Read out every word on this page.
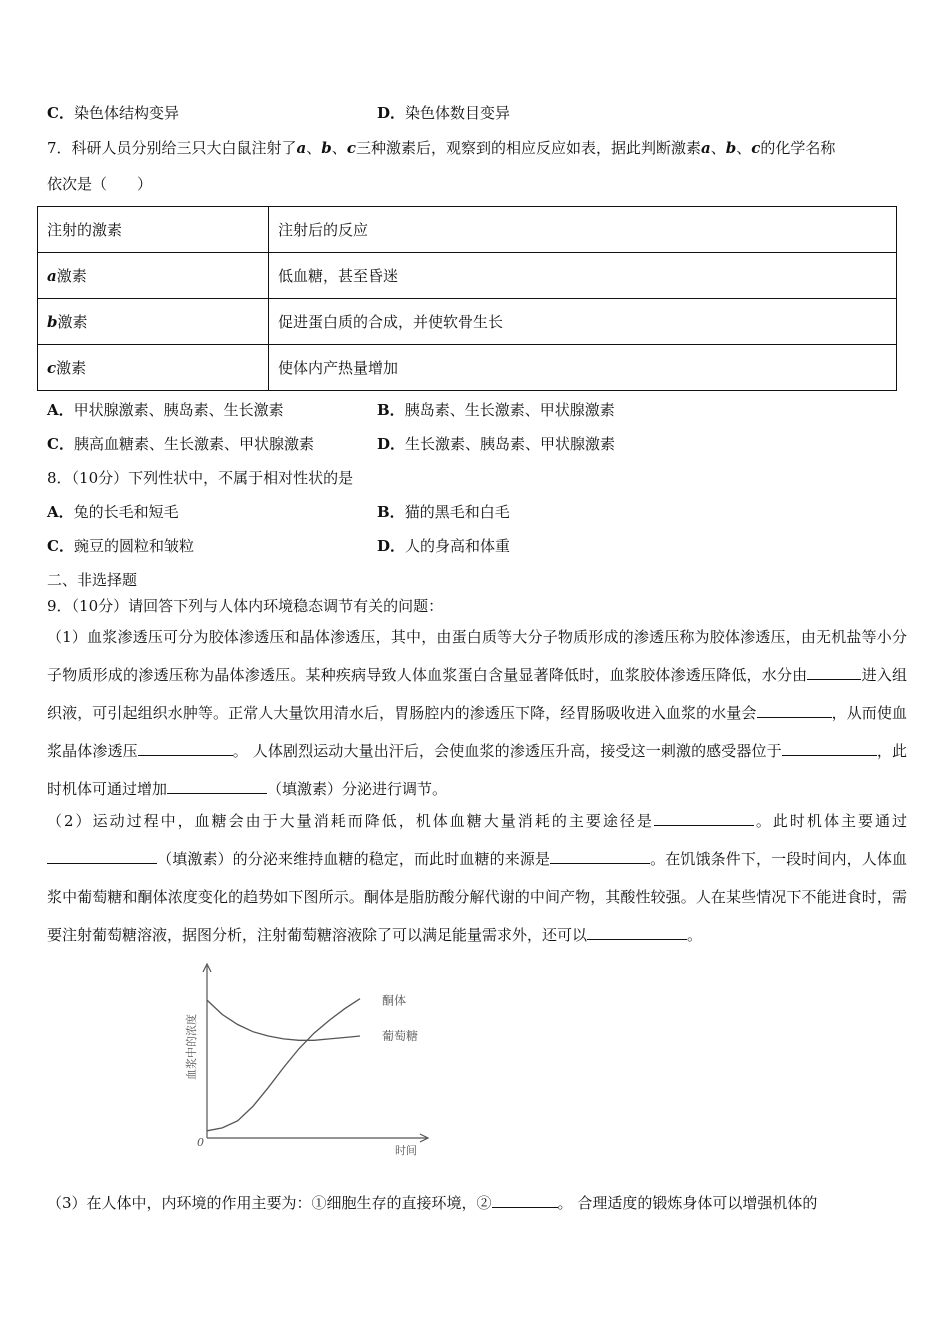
C．染色体结构变异	D．染色体数目变异
7．科研人员分别给三只大白鼠注射了a、b、c三种激素后，观察到的相应反应如表，据此判断激素a、b、c的化学名称
依次是（　　）
注射的激素	注射后的反应
a激素	低血糖，甚至昏迷
b激素	促进蛋白质的合成，并使软骨生长
c激素	使体内产热量增加
A．甲状腺激素、胰岛素、生长激素	B．胰岛素、生长激素、甲状腺激素
C．胰高血糖素、生长激素、甲状腺激素	D．生长激素、胰岛素、甲状腺激素
8．（10分）下列性状中，不属于相对性状的是
A．兔的长毛和短毛	B．猫的黑毛和白毛
C．豌豆的圆粒和皱粒	D．人的身高和体重
二、非选择题
9．（10分）请回答下列与人体内环境稳态调节有关的问题：
（1）血浆渗透压可分为胶体渗透压和晶体渗透压，其中，由蛋白质等大分子物质形成的渗透压称为胶体渗透压，由无机盐等小分子物质形成的渗透压称为晶体渗透压。某种疾病导致人体血浆蛋白含量显著降低时，血浆胶体渗透压降低，水分由	进入组织液，可引起组织水肿等。正常人大量饮用清水后，胃肠腔内的渗透压下降，经胃肠吸收进入血浆的水量会	，从而使血浆晶体渗透压	。 人体剧烈运动大量出汗后，会使血浆的渗透压升高，接受这一刺激的感受器位于	，此时机体可通过增加	（填激素）分泌进行调节。
（2）运动过程中，血糖会由于大量消耗而降低，机体血糖大量消耗的主要途径是	。此时机体主要通过（填激素）的分泌来维持血糖的稳定，而此时血糖的来源是	。在饥饿条件下，一段时间内，人体血浆中葡萄糖和酮体浓度变化的趋势如下图所示。酮体是脂肪酸分解代谢的中间产物，其酸性较强。人在某些情况下不能进食时，需要注射葡萄糖溶液，据图分析，注射葡萄糖溶液除了可以满足能量需求外，还可以	。
0
时间
血浆中的浓度
酮体
葡萄糖
（3）在人体中，内环境的作用主要为：①细胞生存的直接环境，②	。 合理适度的锻炼身体可以增强机体的
